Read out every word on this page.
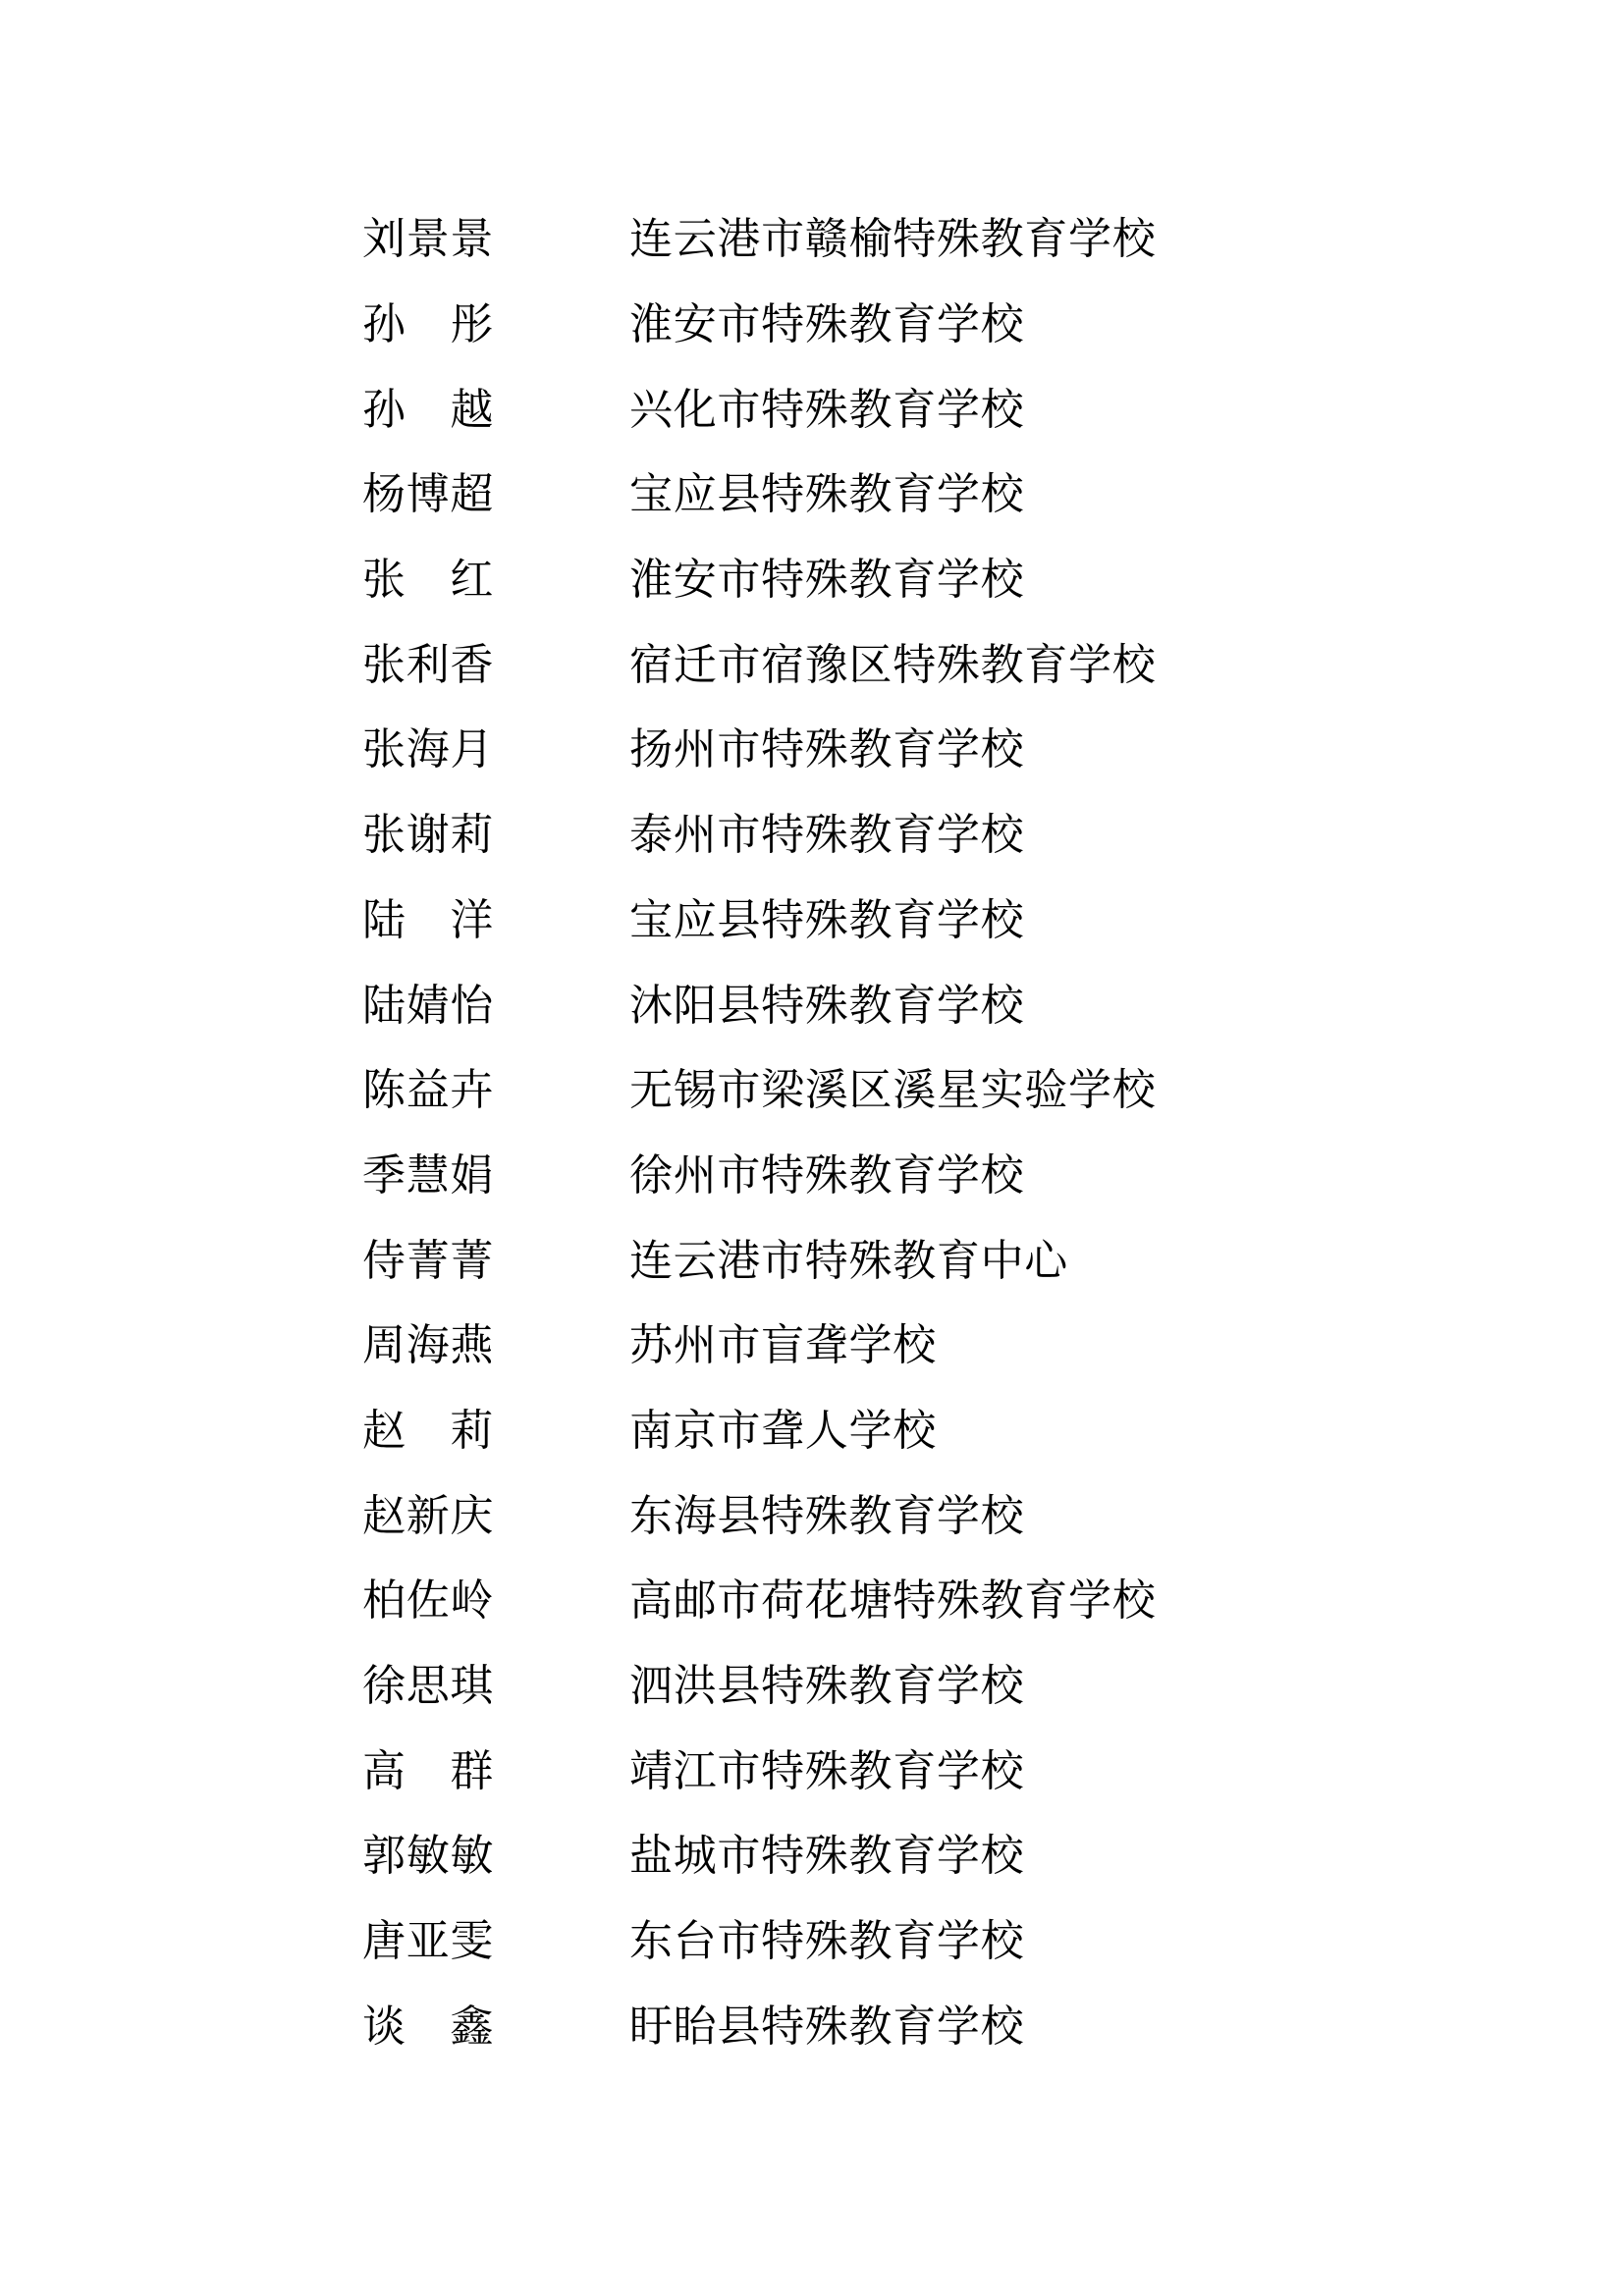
刘景景	连云港市赣榆特殊教育学校
孙　彤	淮安市特殊教育学校
孙　越	兴化市特殊教育学校
杨博超	宝应县特殊教育学校
张　红	淮安市特殊教育学校
张利香	宿迁市宿豫区特殊教育学校
张海月	扬州市特殊教育学校
张谢莉	泰州市特殊教育学校
陆　洋	宝应县特殊教育学校
陆婧怡	沐阳县特殊教育学校
陈益卉	无锡市梁溪区溪星实验学校
季慧娟	徐州市特殊教育学校
侍菁菁	连云港市特殊教育中心
周海燕	苏州市盲聋学校
赵　莉	南京市聋人学校
赵新庆	东海县特殊教育学校
柏佐岭	高邮市荷花塘特殊教育学校
徐思琪	泗洪县特殊教育学校
高　群	靖江市特殊教育学校
郭敏敏	盐城市特殊教育学校
唐亚雯	东台市特殊教育学校
谈　鑫	盱眙县特殊教育学校
